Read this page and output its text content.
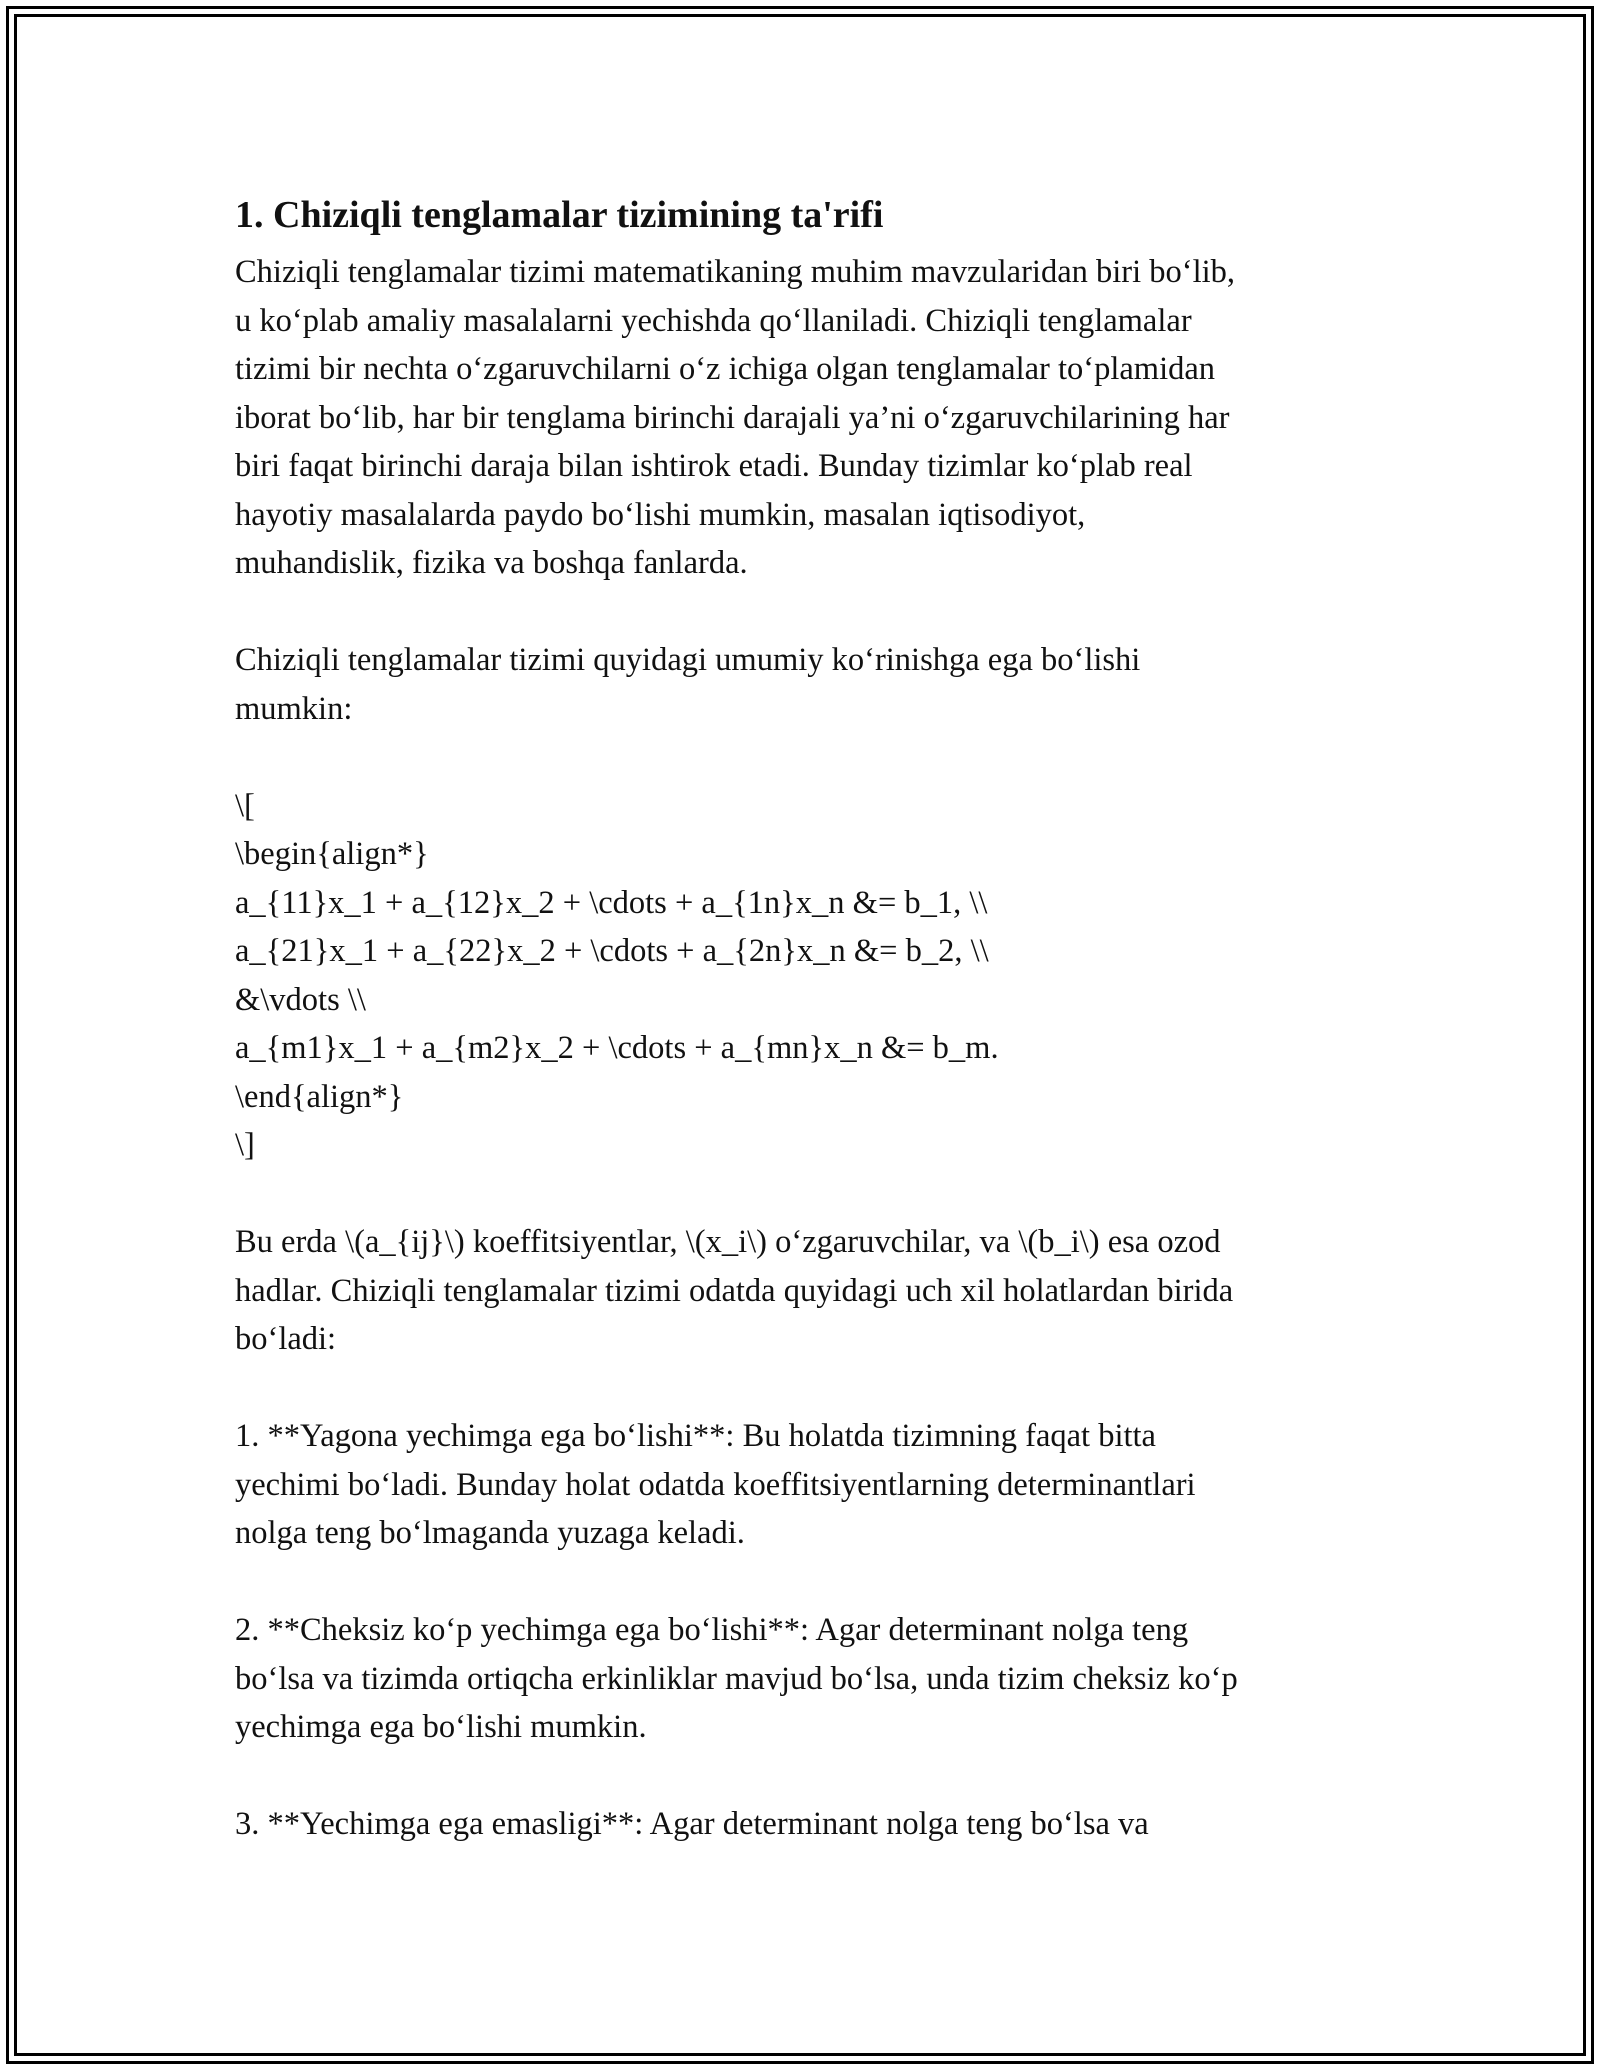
1. Chiziqli tenglamalar tizimining ta'rifi
Chiziqli tenglamalar tizimi matematikaning muhim mavzularidan biri bo‘lib,
u ko‘plab amaliy masalalarni yechishda qo‘llaniladi. Chiziqli tenglamalar
tizimi bir nechta o‘zgaruvchilarni o‘z ichiga olgan tenglamalar to‘plamidan
iborat bo‘lib, har bir tenglama birinchi darajali ya’ni o‘zgaruvchilarining har
biri faqat birinchi daraja bilan ishtirok etadi. Bunday tizimlar ko‘plab real
hayotiy masalalarda paydo bo‘lishi mumkin, masalan iqtisodiyot,
muhandislik, fizika va boshqa fanlarda.
Chiziqli tenglamalar tizimi quyidagi umumiy ko‘rinishga ega bo‘lishi
mumkin:
\[
\begin{align*}
a_{11}x_1 + a_{12}x_2 + \cdots + a_{1n}x_n &= b_1, \\
a_{21}x_1 + a_{22}x_2 + \cdots + a_{2n}x_n &= b_2, \\
&\vdots \\
a_{m1}x_1 + a_{m2}x_2 + \cdots + a_{mn}x_n &= b_m.
\end{align*}
\]
Bu erda \(a_{ij}\) koeffitsiyentlar, \(x_i\) o‘zgaruvchilar, va \(b_i\) esa ozod
hadlar. Chiziqli tenglamalar tizimi odatda quyidagi uch xil holatlardan birida
bo‘ladi:
1. **Yagona yechimga ega bo‘lishi**: Bu holatda tizimning faqat bitta
yechimi bo‘ladi. Bunday holat odatda koeffitsiyentlarning determinantlari
nolga teng bo‘lmaganda yuzaga keladi.
2. **Cheksiz ko‘p yechimga ega bo‘lishi**: Agar determinant nolga teng
bo‘lsa va tizimda ortiqcha erkinliklar mavjud bo‘lsa, unda tizim cheksiz ko‘p
yechimga ega bo‘lishi mumkin.
3. **Yechimga ega emasligi**: Agar determinant nolga teng bo‘lsa va
